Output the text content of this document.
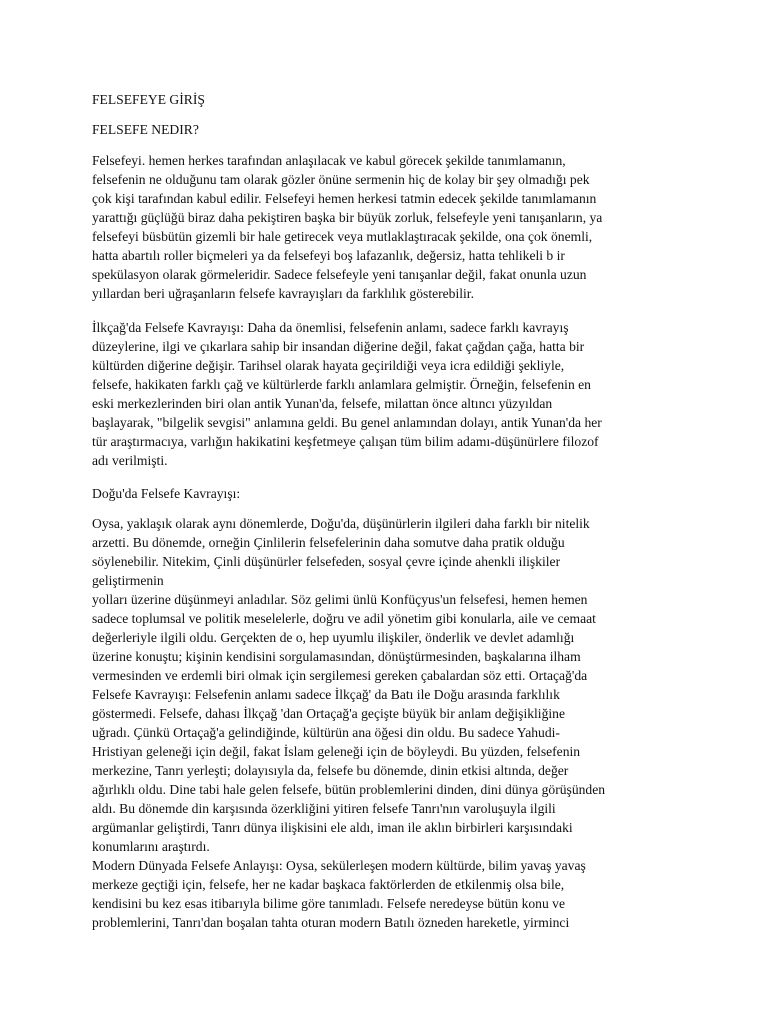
FELSEFEYE GİRİŞ
FELSEFE NEDIR?
Felsefeyi. hemen herkes tarafından anlaşılacak ve kabul görecek şekilde tanımlamanın,
felsefenin ne olduğunu tam olarak gözler önüne sermenin hiç de kolay bir şey olmadığı pek
çok kişi tarafından kabul edilir. Felsefeyi hemen herkesi tatmin edecek şekilde tanımlamanın
yarattığı güçlüğü biraz daha pekiştiren başka bir büyük zorluk, felsefeyle yeni tanışanların, ya
felsefeyi büsbütün gizemli bir hale getirecek veya mutlaklaştıracak şekilde, ona çok önemli,
hatta abartılı roller biçmeleri ya da felsefeyi boş lafazanlık, değersiz, hatta tehlikeli b ir
spekülasyon olarak görmeleridir. Sadece felsefeyle yeni tanışanlar değil, fakat onunla uzun
yıllardan beri uğraşanların felsefe kavrayışları da farklılık gösterebilir.
İlkçağ'da Felsefe Kavrayışı: Daha da önemlisi, felsefenin anlamı, sadece farklı kavrayış
düzeylerine, ilgi ve çıkarlara sahip bir insandan diğerine değil, fakat çağdan çağa, hatta bir
kültürden diğerine değişir. Tarihsel olarak hayata geçirildiği veya icra edildiği şekliyle,
felsefe, hakikaten farklı çağ ve kültürlerde farklı anlamlara gelmiştir. Örneğin, felsefenin en
eski merkezlerinden biri olan antik Yunan'da, felsefe, milattan önce altıncı yüzyıldan
başlayarak, "bilgelik sevgisi" anlamına geldi. Bu genel anlamından dolayı, antik Yunan'da her
tür araştırmacıya, varlığın hakikatini keşfetmeye çalışan tüm bilim adamı-düşünürlere filozof
adı verilmişti.
Doğu'da Felsefe Kavrayışı:
Oysa, yaklaşık olarak aynı dönemlerde, Doğu'da, düşünürlerin ilgileri daha farklı bir nitelik
arzetti. Bu dönemde, orneğin Çinlilerin felsefelerinin daha somutve daha pratik olduğu
söylenebilir. Nitekim, Çinli düşünürler felsefeden, sosyal çevre içinde ahenkli ilişkiler
geliştirmenin
yolları üzerine düşünmeyi anladılar. Söz gelimi ünlü Konfüçyus'un felsefesi, hemen hemen
sadece toplumsal ve politik meselelerle, doğru ve adil yönetim gibi konularla, aile ve cemaat
değerleriyle ilgili oldu. Gerçekten de o, hep uyumlu ilişkiler, önderlik ve devlet adamlığı
üzerine konuştu; kişinin kendisini sorgulamasından, dönüştürmesinden, başkalarına ilham
vermesinden ve erdemli biri olmak için sergilemesi gereken çabalardan söz etti. Ortaçağ'da
Felsefe Kavrayışı: Felsefenin anlamı sadece İlkçağ' da Batı ile Doğu arasında farklılık
göstermedi. Felsefe, dahası İlkçağ 'dan Ortaçağ'a geçişte büyük bir anlam değişikliğine
uğradı. Çünkü Ortaçağ'a gelindiğinde, kültürün ana öğesi din oldu. Bu sadece Yahudi-
Hristiyan geleneği için değil, fakat İslam geleneği için de böyleydi. Bu yüzden, felsefenin
merkezine, Tanrı yerleşti; dolayısıyla da, felsefe bu dönemde, dinin etkisi altında, değer
ağırlıklı oldu. Dine tabi hale gelen felsefe, bütün problemlerini dinden, dini dünya görüşünden
aldı. Bu dönemde din karşısında özerkliğini yitiren felsefe Tanrı'nın varoluşuyla ilgili
argümanlar geliştirdi, Tanrı dünya ilişkisini ele aldı, iman ile aklın birbirleri karşısındaki
konumlarını araştırdı.
Modern Dünyada Felsefe Anlayışı: Oysa, sekülerleşen modern kültürde, bilim yavaş yavaş
merkeze geçtiği için, felsefe, her ne kadar başkaca faktörlerden de etkilenmiş olsa bile,
kendisini bu kez esas itibarıyla bilime göre tanımladı. Felsefe neredeyse bütün konu ve
problemlerini, Tanrı'dan boşalan tahta oturan modern Batılı özneden hareketle, yirminci
